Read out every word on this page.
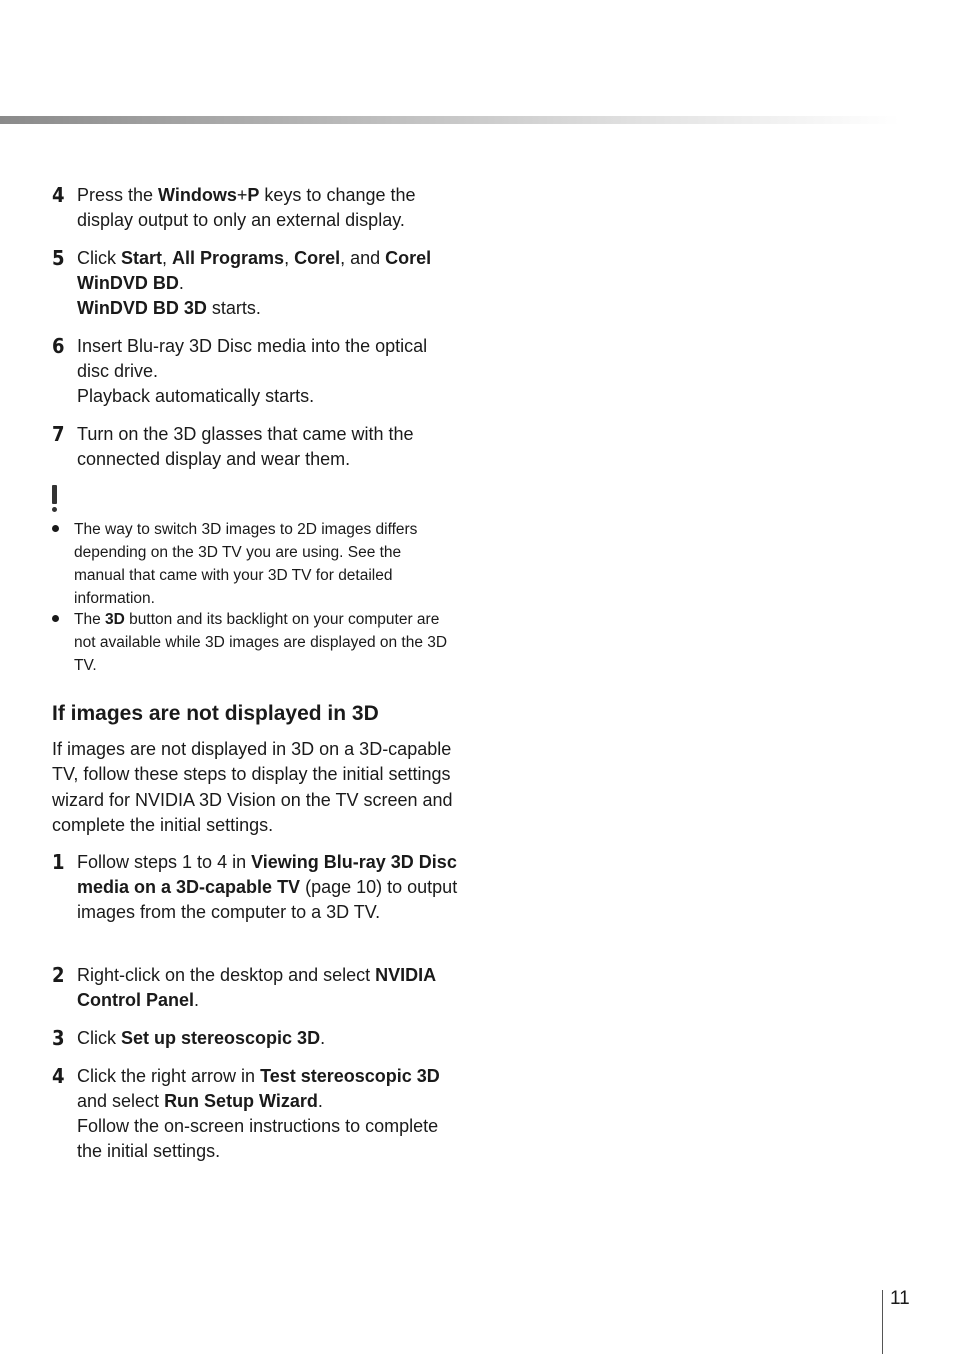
4 Press the Windows+P keys to change the display output to only an external display.
5 Click Start, All Programs, Corel, and Corel WinDVD BD.
WinDVD BD 3D starts.
6 Insert Blu-ray 3D Disc media into the optical disc drive.
Playback automatically starts.
7 Turn on the 3D glasses that came with the connected display and wear them.
The way to switch 3D images to 2D images differs depending on the 3D TV you are using. See the manual that came with your 3D TV for detailed information.
The 3D button and its backlight on your computer are not available while 3D images are displayed on the 3D TV.
If images are not displayed in 3D
If images are not displayed in 3D on a 3D-capable TV, follow these steps to display the initial settings wizard for NVIDIA 3D Vision on the TV screen and complete the initial settings.
1 Follow steps 1 to 4 in Viewing Blu-ray 3D Disc media on a 3D-capable TV (page 10) to output images from the computer to a 3D TV.
2 Right-click on the desktop and select NVIDIA Control Panel.
3 Click Set up stereoscopic 3D.
4 Click the right arrow in Test stereoscopic 3D and select Run Setup Wizard.
Follow the on-screen instructions to complete the initial settings.
11
